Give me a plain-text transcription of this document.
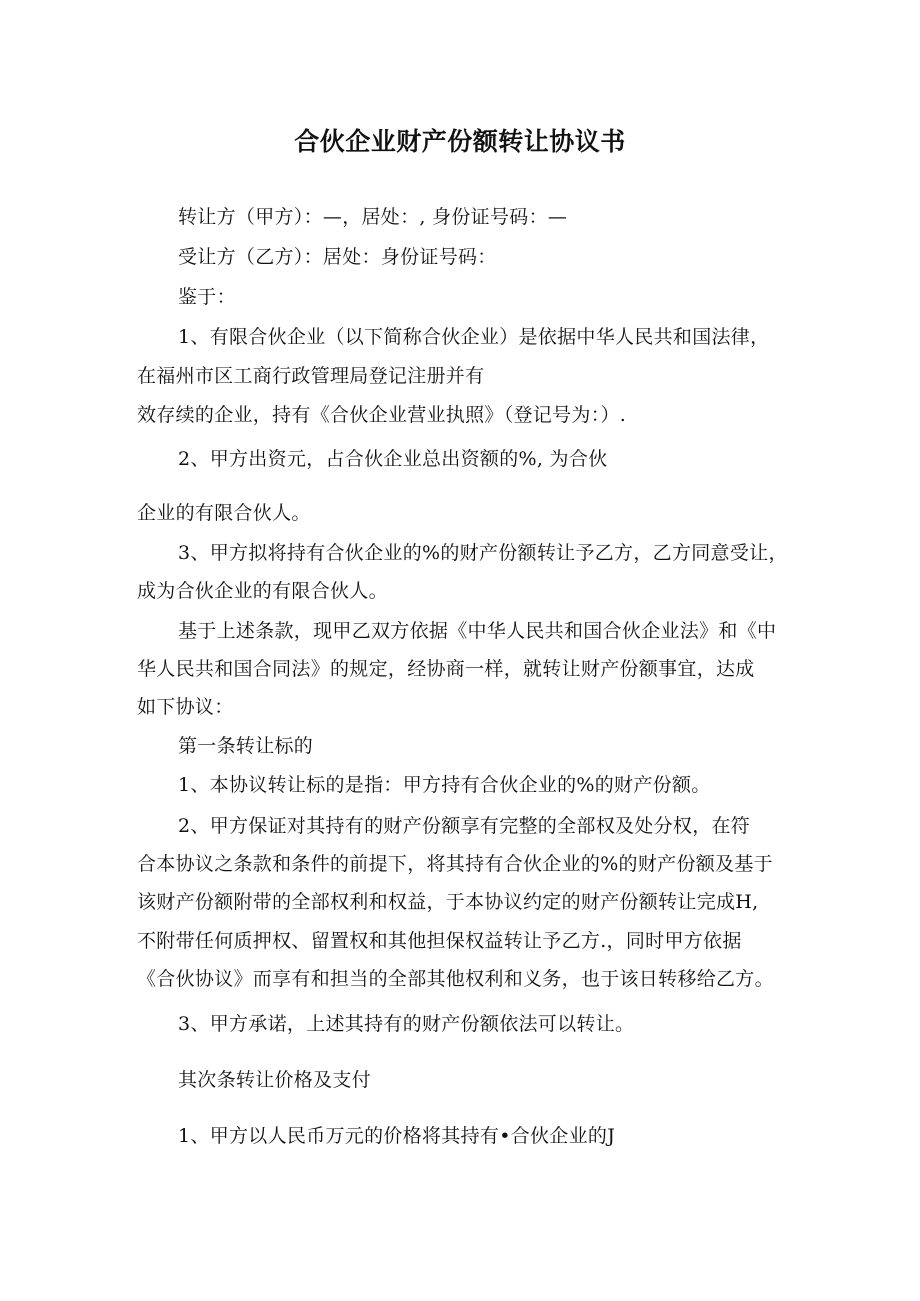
合伙企业财产份额转让协议书
转让方（甲方）：—，居处：, 身份证号码：—
受让方（乙方）：居处：身份证号码：
鉴于：
1、有限合伙企业（以下简称合伙企业）是依据中华人民共和国法律，
在福州市区工商行政管理局登记注册并有
效存续的企业，持有《合伙企业营业执照》（登记号为：）.
2、甲方出资元，占合伙企业总出资额的%, 为合伙
企业的有限合伙人。
3、甲方拟将持有合伙企业的%的财产份额转让予乙方，乙方同意受让，
成为合伙企业的有限合伙人。
基于上述条款，现甲乙双方依据《中华人民共和国合伙企业法》和《中
华人民共和国合同法》的规定，经协商一样，就转让财产份额事宜，达成
如下协议：
第一条转让标的
1、本协议转让标的是指：甲方持有合伙企业的%的财产份额。
2、甲方保证对其持有的财产份额享有完整的全部权及处分权，在符
合本协议之条款和条件的前提下，将其持有合伙企业的%的财产份额及基于
该财产份额附带的全部权利和权益，于本协议约定的财产份额转让完成H,
不附带任何质押权、留置权和其他担保权益转让予乙方.，同时甲方依据
《合伙协议》而享有和担当的全部其他权利和义务，也于该日转移给乙方。
3、甲方承诺，上述其持有的财产份额依法可以转让。
其次条转让价格及支付
1、甲方以人民币万元的价格将其持有•合伙企业的J
